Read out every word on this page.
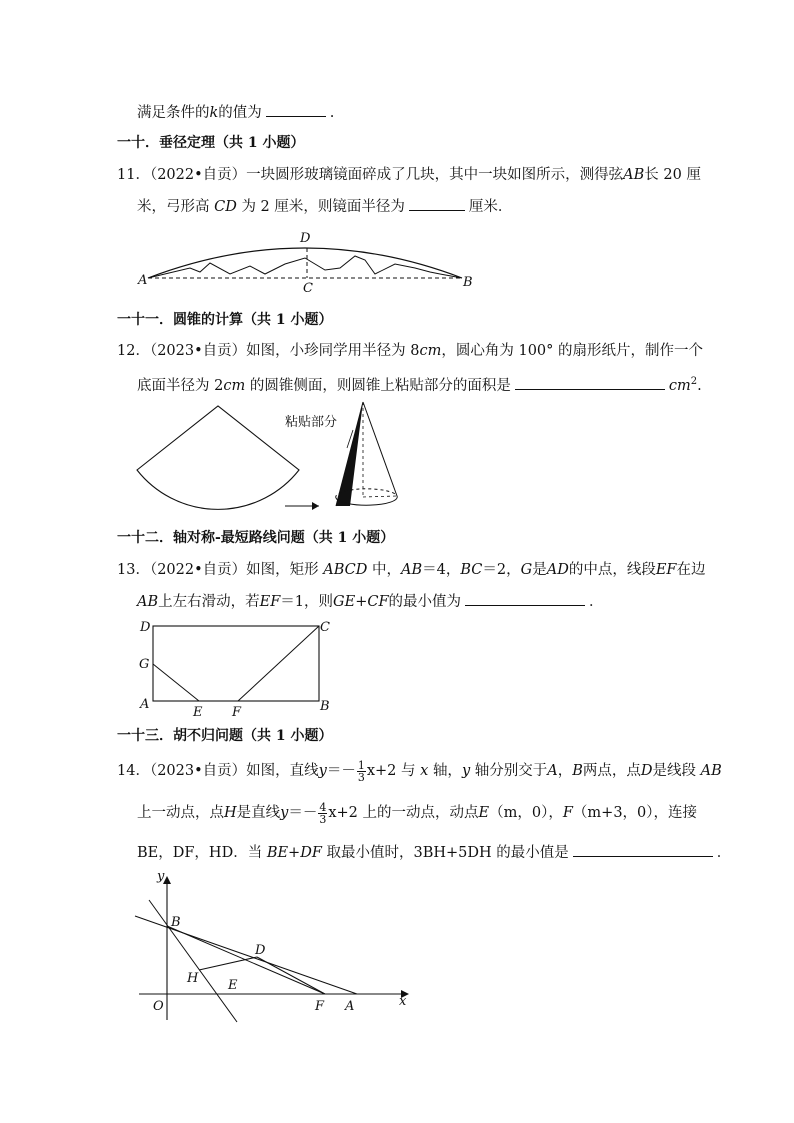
满足条件的k的值为	.
一十．垂径定理（共 1 小题）
11．（2022•自贡）一块圆形玻璃镜面碎成了几块，其中一块如图所示，测得弦AB长 20 厘
米，弓形高 CD 为 2 厘米，则镜面半径为	厘米．
A	B
C
D
一十一．圆锥的计算（共 1 小题）
12．（2023•自贡）如图，小珍同学用半径为 8cm，圆心角为 100° 的扇形纸片，制作一个
底面半径为 2cm 的圆锥侧面，则圆锥上粘贴部分的面积是	$cm^2$.
粘贴部分
一十二．轴对称-最短路线问题（共 1 小题）
13．（2022•自贡）如图，矩形 ABCD 中，AB＝4，BC＝2，G是AD的中点，线段EF在边
AB上左右滑动，若EF＝1，则GE+CF的最小值为	．
D	C
G
A	B
E F
一十三．胡不归问题（共 1 小题）
14．（2023•自贡）如图，直线$y=- \frac{1}{3} x+2$ 与 x 轴，y 轴分别交于A，B两点，点D是线段 AB
上一动点，点H是直线$y=- \frac{4}{3} x+2$ 上的一动点，动点E（m，0），F（m+3，0），连接
BE，DF，HD．当 BE+DF 取最小值时，3BH+5DH 的最小值是	．
y
x
O
B
D
H E
F A
